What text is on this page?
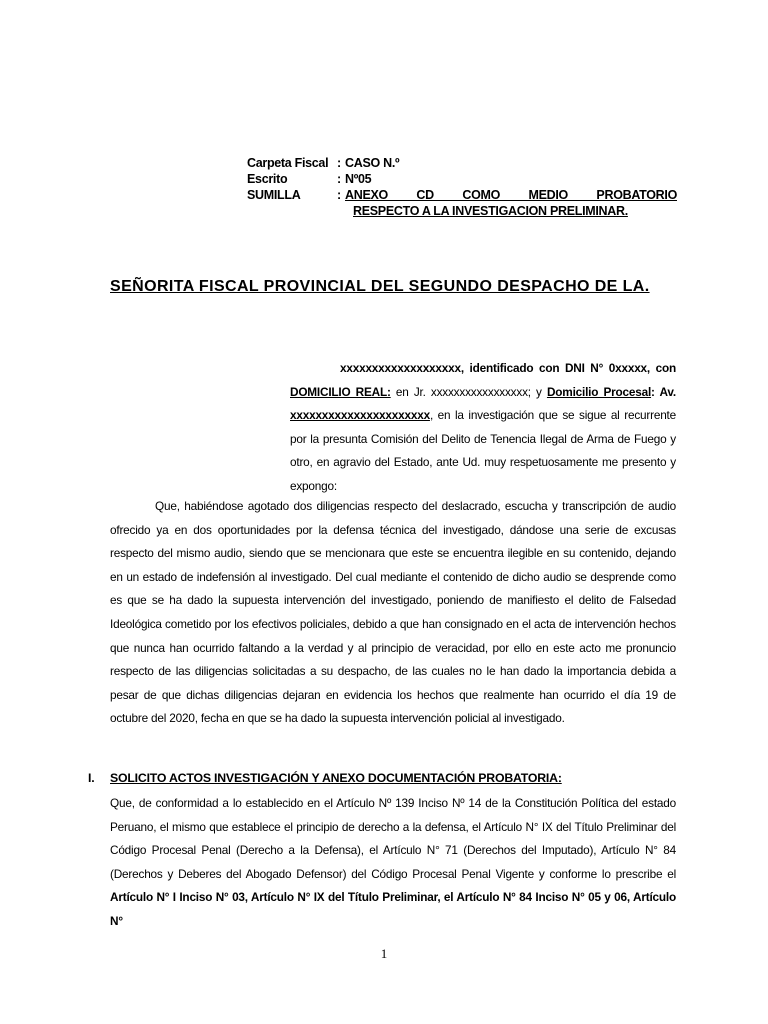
Carpeta Fiscal : CASO N.º
Escrito	: Nº05
SUMILLA	: ANEXO CD COMO MEDIO PROBATORIO
RESPECTO A LA INVESTIGACION PRELIMINAR.
SEÑORITA FISCAL PROVINCIAL DEL SEGUNDO DESPACHO DE LA.
xxxxxxxxxxxxxxxxxxx, identificado con DNI N° 0xxxxx, con DOMICILIO REAL: en Jr. xxxxxxxxxxxxxxxxx; y Domicilio Procesal: Av. xxxxxxxxxxxxxxxxxxxxxx, en la investigación que se sigue al recurrente por la presunta Comisión del Delito de Tenencia Ilegal de Arma de Fuego y otro, en agravio del Estado, ante Ud. muy respetuosamente me presento y expongo:
Que, habiéndose agotado dos diligencias respecto del deslacrado, escucha y transcripción de audio ofrecido ya en dos oportunidades por la defensa técnica del investigado, dándose una serie de excusas respecto del mismo audio, siendo que se mencionara que este se encuentra ilegible en su contenido, dejando en un estado de indefensión al investigado. Del cual mediante el contenido de dicho audio se desprende como es que se ha dado la supuesta intervención del investigado, poniendo de manifiesto el delito de Falsedad Ideológica cometido por los efectivos policiales, debido a que han consignado en el acta de intervención hechos que nunca han ocurrido faltando a la verdad y al principio de veracidad, por ello en este acto me pronuncio respecto de las diligencias solicitadas a su despacho, de las cuales no le han dado la importancia debida a pesar de que dichas diligencias dejaran en evidencia los hechos que realmente han ocurrido el día 19 de octubre del 2020, fecha en que se ha dado la supuesta intervención policial al investigado.
I. SOLICITO ACTOS INVESTIGACIÓN Y ANEXO DOCUMENTACIÓN PROBATORIA:
Que, de conformidad a lo establecido en el Artículo Nº 139 Inciso Nº 14 de la Constitución Política del estado Peruano, el mismo que establece el principio de derecho a la defensa, el Artículo N° IX del Título Preliminar del Código Procesal Penal (Derecho a la Defensa), el Artículo N° 71 (Derechos del Imputado), Artículo N° 84 (Derechos y Deberes del Abogado Defensor) del Código Procesal Penal Vigente y conforme lo prescribe el Artículo N° I Inciso N° 03, Artículo N° IX del Título Preliminar, el Artículo N° 84 Inciso N° 05 y 06, Artículo N°
1
